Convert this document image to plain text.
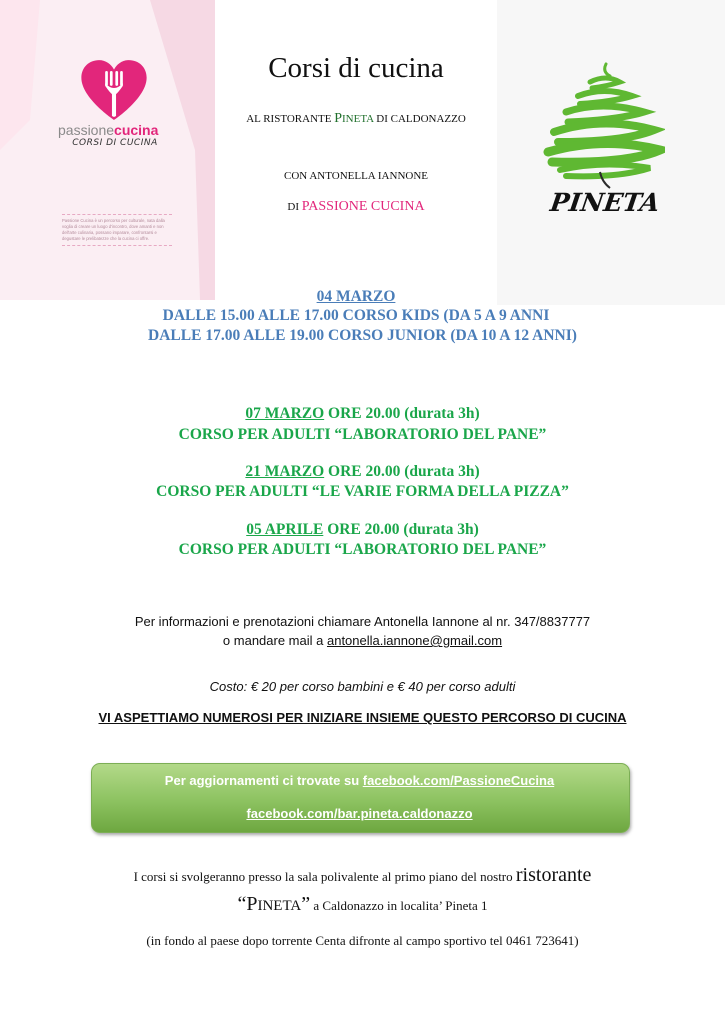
passionecucina
CORSI DI CUCINA
Passione Cucina è un percorso per culturale, nata dalla voglia di creare un luogo d'incontro, dove amanti e non dell'arte culinaria, possano imparare, confrontarsi e degustare le prelibatezze che la cucina ci offre.
PINETA
Corsi di cucina
AL RISTORANTE PINETA DI CALDONAZZO
CON ANTONELLA IANNONE
DI PASSIONE CUCINA
04 MARZO
DALLE 15.00 ALLE 17.00 CORSO KIDS (DA 5 A 9 ANNI
DALLE 17.00 ALLE 19.00 CORSO JUNIOR (DA 10 A 12 ANNI)
07 MARZO ORE 20.00 (durata 3h)
CORSO PER ADULTI “LABORATORIO DEL PANE”
21 MARZO ORE 20.00 (durata 3h)
CORSO PER ADULTI “LE VARIE FORMA DELLA PIZZA”
05 APRILE ORE 20.00 (durata 3h)
CORSO PER ADULTI “LABORATORIO DEL PANE”
Per informazioni e prenotazioni chiamare Antonella Iannone al nr. 347/8837777
o mandare mail a antonella.iannone@gmail.com
Costo: € 20 per corso bambini e € 40 per corso adulti
VI ASPETTIAMO NUMEROSI PER INIZIARE INSIEME QUESTO PERCORSO DI CUCINA
Per aggiornamenti ci trovate su facebook.com/PassioneCucina
facebook.com/bar.pineta.caldonazzo
I corsi si svolgeranno presso la sala polivalente al primo piano del nostro ristorante
“PINETA” a Caldonazzo in localita’ Pineta 1
(in fondo al paese dopo torrente Centa difronte al campo sportivo tel 0461 723641)
